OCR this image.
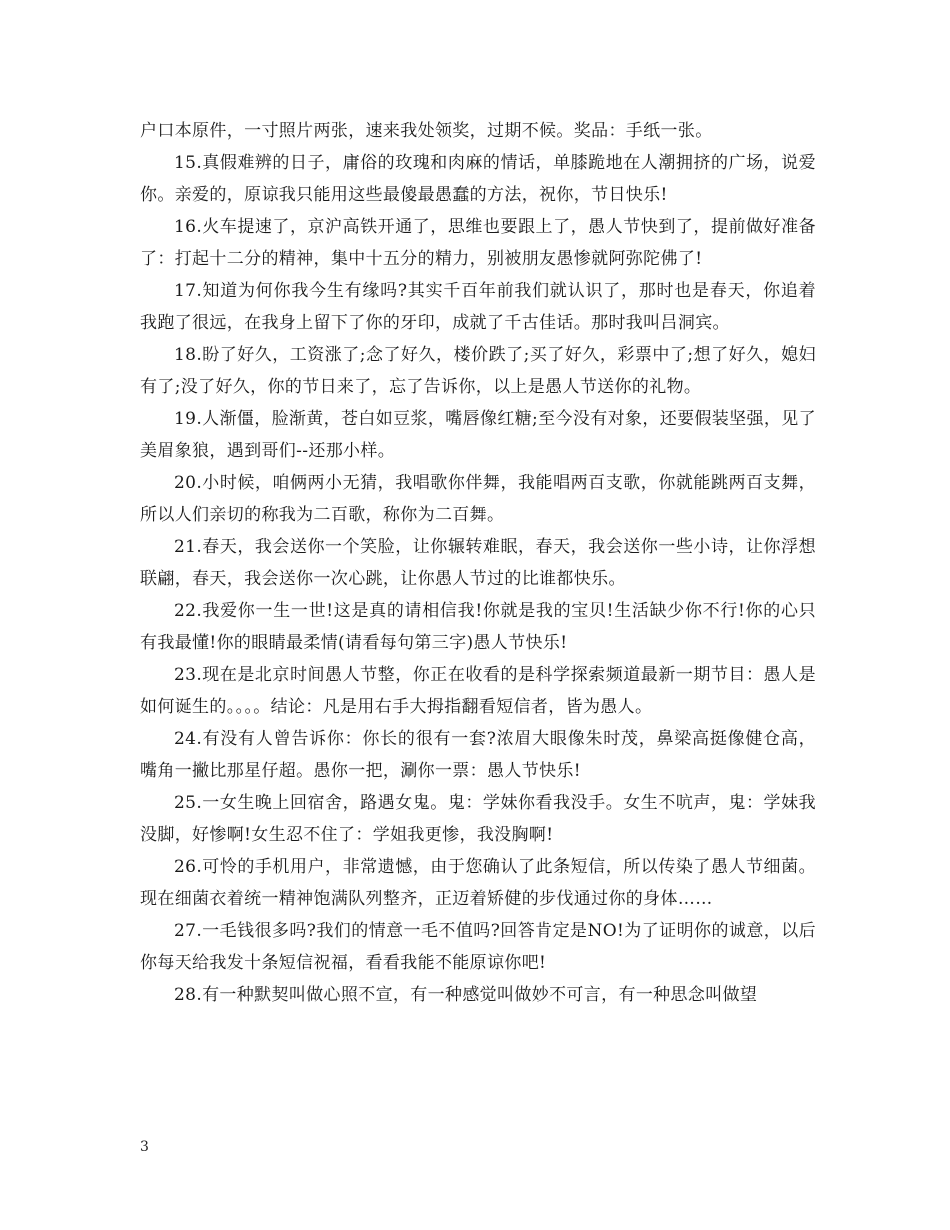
户口本原件，一寸照片两张，速来我处领奖，过期不候。奖品：手纸一张。

15.真假难辨的日子，庸俗的玫瑰和肉麻的情话，单膝跪地在人潮拥挤的广场，说爱你。亲爱的，原谅我只能用这些最傻最愚蠢的方法，祝你，节日快乐!

16.火车提速了，京沪高铁开通了，思维也要跟上了，愚人节快到了，提前做好准备了：打起十二分的精神，集中十五分的精力，别被朋友愚惨就阿弥陀佛了!

17.知道为何你我今生有缘吗?其实千百年前我们就认识了，那时也是春天，你追着我跑了很远，在我身上留下了你的牙印，成就了千古佳话。那时我叫吕洞宾。

18.盼了好久，工资涨了;念了好久，楼价跌了;买了好久，彩票中了;想了好久，媳妇有了;没了好久，你的节日来了，忘了告诉你，以上是愚人节送你的礼物。

19.人渐僵，脸渐黄，苍白如豆浆，嘴唇像红糖;至今没有对象，还要假装坚强，见了美眉象狼，遇到哥们--还那小样。

20.小时候，咱俩两小无猜，我唱歌你伴舞，我能唱两百支歌，你就能跳两百支舞，所以人们亲切的称我为二百歌，称你为二百舞。

21.春天，我会送你一个笑脸，让你辗转难眠，春天，我会送你一些小诗，让你浮想联翩，春天，我会送你一次心跳，让你愚人节过的比谁都快乐。

22.我爱你一生一世!这是真的请相信我!你就是我的宝贝!生活缺少你不行!你的心只有我最懂!你的眼睛最柔情(请看每句第三字)愚人节快乐!

23.现在是北京时间愚人节整，你正在收看的是科学探索频道最新一期节目：愚人是如何诞生的。。。。结论：凡是用右手大拇指翻看短信者，皆为愚人。

24.有没有人曾告诉你：你长的很有一套?浓眉大眼像朱时茂，鼻梁高挺像健仓高，嘴角一撇比那星仔超。愚你一把，涮你一票：愚人节快乐!

25.一女生晚上回宿舍，路遇女鬼。鬼：学妹你看我没手。女生不吭声，鬼：学妹我没脚，好惨啊!女生忍不住了：学姐我更惨，我没胸啊!

26.可怜的手机用户，非常遗憾，由于您确认了此条短信，所以传染了愚人节细菌。现在细菌衣着统一精神饱满队列整齐，正迈着矫健的步伐通过你的身体……

27.一毛钱很多吗?我们的情意一毛不值吗?回答肯定是NO!为了证明你的诚意，以后你每天给我发十条短信祝福，看看我能不能原谅你吧!

28.有一种默契叫做心照不宣，有一种感觉叫做妙不可言，有一种思念叫做望

3
